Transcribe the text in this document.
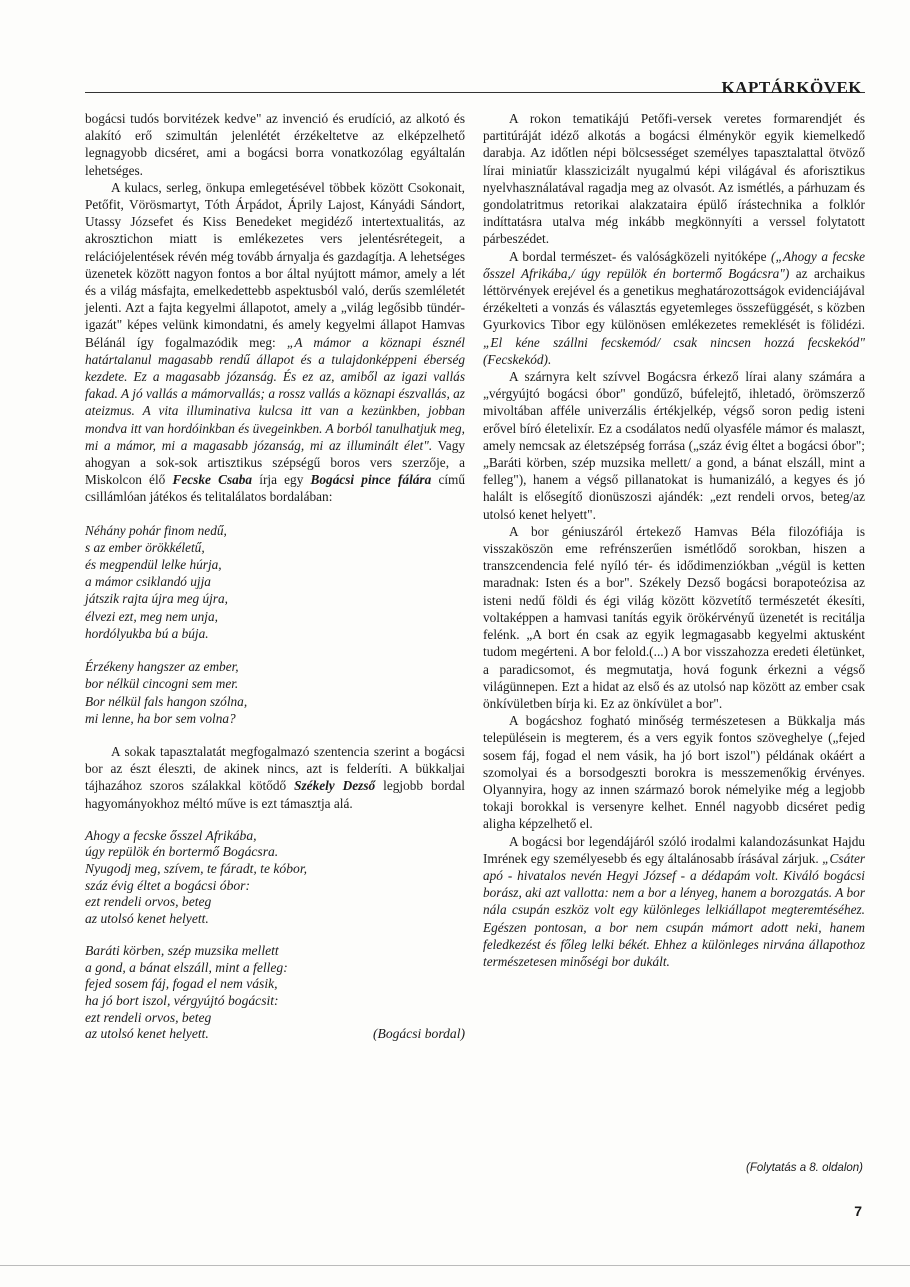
KAPTÁRKÖVEK

bogácsi tudós borvitézek kedve" az invenció és erudíció, az alkotó és alakító erő szimultán jelenlétét érzékeltetve az elképzelhető legnagyobb dicséret, ami a bogácsi borra vonatkozólag egyáltalán lehetséges.

A kulacs, serleg, önkupa emlegetésével többek között Csokonait, Petőfit, Vörösmartyt, Tóth Árpádot, Áprily Lajost, Kányádi Sándort, Utassy Józsefet és Kiss Benedeket megidéző intertextualitás, az akrosztichon miatt is emlékezetes vers jelentésrétegeit, a relációjelentések révén még tovább árnyalja és gazdagítja. A lehetséges üzenetek között nagyon fontos a bor által nyújtott mámor, amely a lét és a világ másfajta, emelkedettebb aspektusból való, derűs szemléletét jelenti. Azt a fajta kegyelmi állapotot, amely a „világ legősibb tündér-igazát" képes velünk kimondatni, és amely kegyelmi állapot Hamvas Bélánál így fogalmazódik meg: „A mámor a köznapi észnél határtalanul magasabb rendű állapot és a tulajdonképpeni éberség kezdete. Ez a magasabb józanság. És ez az, amiből az igazi vallás fakad. A jó vallás a mámorvallás; a rossz vallás a köznapi észvallás, az ateizmus. A vita illuminativa kulcsa itt van a kezünkben, jobban mondva itt van hordóinkban és üvegeinkben. A borból tanulhatjuk meg, mi a mámor, mi a magasabb józanság, mi az illuminált élet". Vagy ahogyan a sok-sok artisztikus szépségű boros vers szerzője, a Miskolcon élő Fecske Csaba írja egy Bogácsi pince fálára című csillámlóan játékos és telitalálatos bordalában:

Néhány pohár finom nedű,
s az ember örökkéletű,
és megpendül lelke húrja,
a mámor csiklandó ujja
játszik rajta újra meg újra,
élvezi ezt, meg nem unja,
hordólyukba bú a búja.
Érzékeny hangszer az ember,
bor nélkül cincogni sem mer.
Bor nélkül fals hangon szólna,
mi lenne, ha bor sem volna?

A sokak tapasztalatát megfogalmazó szentencia szerint a bogácsi bor az észt éleszti, de akinek nincs, azt is felderíti. A bükkaljai tájhazához szoros szálakkal kötődő Székely Dezső legjobb bordal hagyományokhoz méltó műve is ezt támasztja alá.

Ahogy a fecske ősszel Afrikába,
úgy repülök én bortermő Bogácsra.
Nyugodj meg, szívem, te fáradt, te kóbor,
száz évig éltet a bogácsi óbor:
ezt rendeli orvos, beteg
az utolsó kenet helyett.
Baráti körben, szép muzsika mellett
a gond, a bánat elszáll, mint a felleg:
fejed sosem fáj, fogad el nem vásik,
ha jó bort iszol, vérgyújtó bogácsit:
ezt rendeli orvos, beteg
az utolsó kenet helyett.	(Bogácsi bordal)

A rokon tematikájú Petőfi-versek veretes formarendjét és partitúráját idéző alkotás a bogácsi élménykör egyik kiemelkedő darabja. Az időtlen népi bölcsességet személyes tapasztalattal ötvöző lírai miniatűr klasszicizált nyugalmú képi világával és aforisztikus nyelvhasználatával ragadja meg az olvasót. Az ismétlés, a párhuzam és gondolatritmus retorikai alakzataira épülő írástechnika a folklór indíttatásra utalva még inkább megkönnyíti a verssel folytatott párbeszédet.

A bordal természet- és valóságközeli nyitóképe („Ahogy a fecske ősszel Afrikába,/ úgy repülök én bortermő Bogácsra") az archaikus léttörvények erejével és a genetikus meghatározottságok evidenciájával érzékelteti a vonzás és választás egyetemleges összefüggését, s közben Gyurkovics Tibor egy különösen emlékezetes remeklését is fölidézi. „El kéne szállni fecskemód/ csak nincsen hozzá fecskekód" (Fecskekód).

A szárnyra kelt szívvel Bogácsra érkező lírai alany számára a „vérgyújtó bogácsi óbor" gondűző, búfelejtő, ihletadó, örömszerző mivoltában afféle univerzális értékjelkép, végső soron pedig isteni erővel bíró életelixír. Ez a csodálatos nedű olyasféle mámor és malaszt, amely nemcsak az életszépség forrása („száz évig éltet a bogácsi óbor"; „Baráti körben, szép muzsika mellett/ a gond, a bánat elszáll, mint a felleg"), hanem a végső pillanatokat is humanizáló, a kegyes és jó halált is elősegítő dionüszoszi ajándék: „ezt rendeli orvos, beteg/az utolsó kenet helyett".

A bor géniuszáról értekező Hamvas Béla filozófiája is visszaköszön eme refrénszerűen ismétlődő sorokban, hiszen a transzcendencia felé nyíló tér- és idődimenziókban „végül is ketten maradnak: Isten és a bor". Székely Dezső bogácsi borapoteózisa az isteni nedű földi és égi világ között közvetítő természetét ékesíti, voltaképpen a hamvasi tanítás egyik örökérvényű üzenetét is recitálja felénk. „A bort én csak az egyik legmagasabb kegyelmi aktusként tudom megérteni. A bor felold.(...) A bor visszahozza eredeti életünket, a paradicsomot, és megmutatja, hová fogunk érkezni a végső világünnepen. Ezt a hidat az első és az utolsó nap között az ember csak önkívületben bírja ki. Ez az önkívület a bor".

A bogácshoz fogható minőség természetesen a Bükkalja más településein is megterem, és a vers egyik fontos szöveghelye („fejed sosem fáj, fogad el nem vásik, ha jó bort iszol") példának okáért a szomolyai és a borsodgeszti borokra is messzemenőkig érvényes. Olyannyira, hogy az innen származó borok némelyike még a legjobb tokaji borokkal is versenyre kelhet. Ennél nagyobb dicséret pedig aligha képzelhető el.

A bogácsi bor legendájáról szóló irodalmi kalandozásunkat Hajdu Imrének egy személyesebb és egy általánosabb írásával zárjuk. „Csáter apó - hivatalos nevén Hegyi József - a dédapám volt. Kiváló bogácsi borász, aki azt vallotta: nem a bor a lényeg, hanem a borozgatás. A bor nála csupán eszköz volt egy különleges lelkiállapot megteremtéséhez. Egészen pontosan, a bor nem csupán mámort adott neki, hanem feledkezést és főleg lelki békét. Ehhez a különleges nirvána állapothoz természetesen minőségi bor dukált.

(Folytatás a 8. oldalon)
7
